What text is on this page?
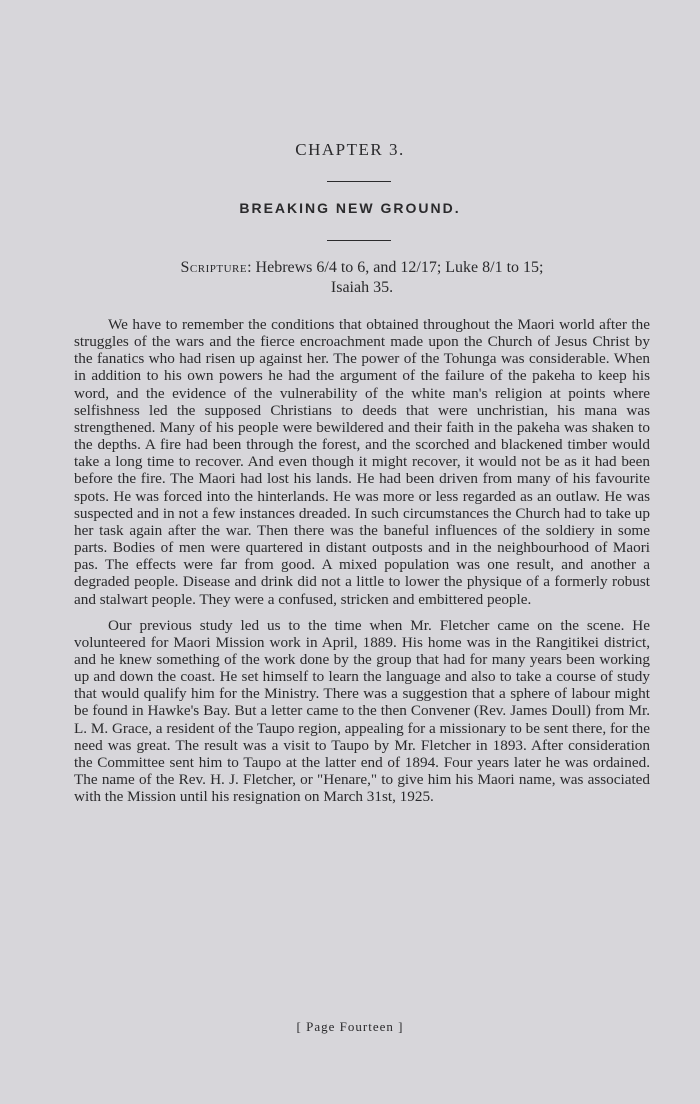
CHAPTER 3.
BREAKING NEW GROUND.
Scripture: Hebrews 6/4 to 6, and 12/17; Luke 8/1 to 15;
Isaiah 35.

We have to remember the conditions that obtained throughout the Maori world after the struggles of the wars and the fierce encroachment made upon the Church of Jesus Christ by the fanatics who had risen up against her. The power of the Tohunga was considerable. When in addition to his own powers he had the argument of the failure of the pakeha to keep his word, and the evidence of the vulnerability of the white man's religion at points where selfishness led the supposed Christians to deeds that were unchristian, his mana was strengthened. Many of his people were bewildered and their faith in the pakeha was shaken to the depths. A fire had been through the forest, and the scorched and blackened timber would take a long time to recover. And even though it might recover, it would not be as it had been before the fire. The Maori had lost his lands. He had been driven from many of his favourite spots. He was forced into the hinterlands. He was more or less regarded as an outlaw. He was suspected and in not a few instances dreaded. In such circumstances the Church had to take up her task again after the war. Then there was the baneful influences of the soldiery in some parts. Bodies of men were quartered in distant outposts and in the neighbourhood of Maori pas. The effects were far from good. A mixed population was one result, and another a degraded people. Disease and drink did not a little to lower the physique of a formerly robust and stalwart people. They were a confused, stricken and embittered people.

Our previous study led us to the time when Mr. Fletcher came on the scene. He volunteered for Maori Mission work in April, 1889. His home was in the Rangitikei district, and he knew something of the work done by the group that had for many years been working up and down the coast. He set himself to learn the language and also to take a course of study that would qualify him for the Ministry. There was a suggestion that a sphere of labour might be found in Hawke's Bay. But a letter came to the then Convener (Rev. James Doull) from Mr. L. M. Grace, a resident of the Taupo region, appealing for a missionary to be sent there, for the need was great. The result was a visit to Taupo by Mr. Fletcher in 1893. After consideration the Committee sent him to Taupo at the latter end of 1894. Four years later he was ordained. The name of the Rev. H. J. Fletcher, or "Henare," to give him his Maori name, was associated with the Mission until his resignation on March 31st, 1925.

[ Page Fourteen ]
